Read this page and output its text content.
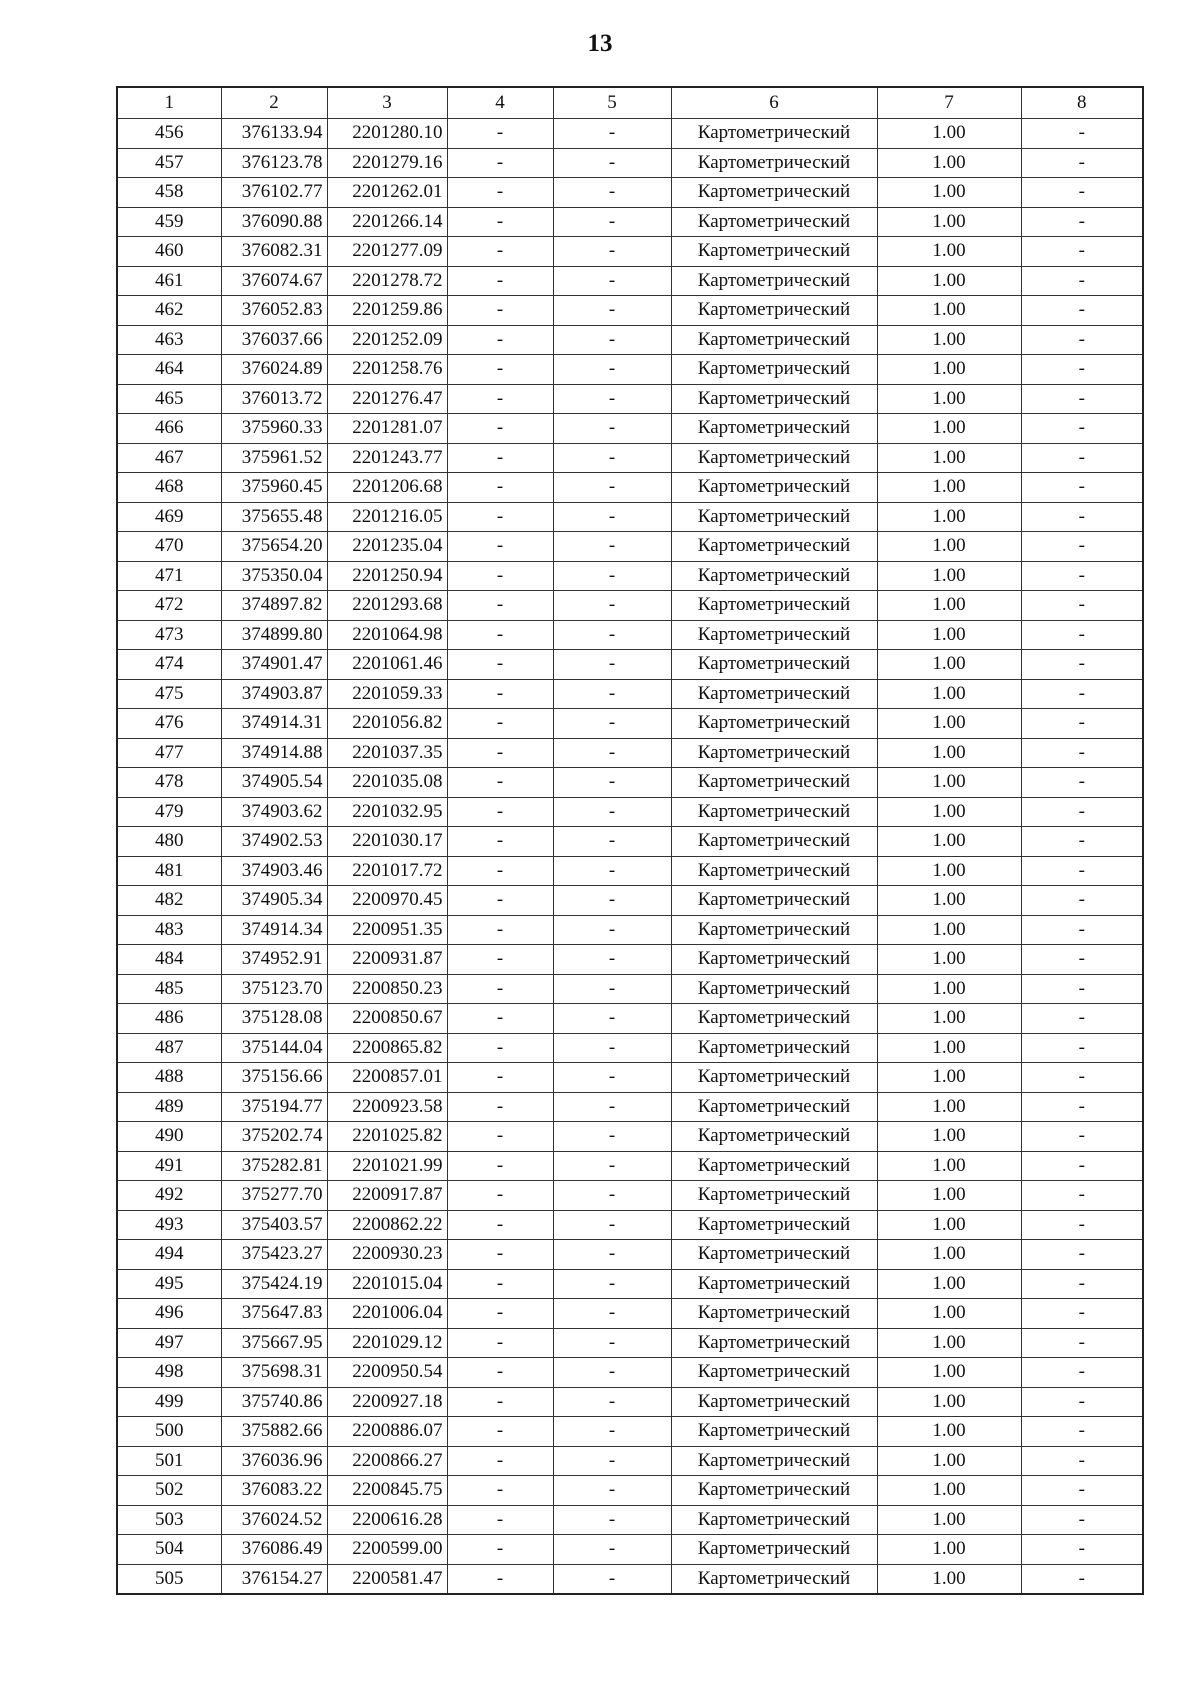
13
1	2	3	4	5	6	7	8
456	376133.94	2201280.10	-	-	Картометрический	1.00	-
457	376123.78	2201279.16	-	-	Картометрический	1.00	-
458	376102.77	2201262.01	-	-	Картометрический	1.00	-
459	376090.88	2201266.14	-	-	Картометрический	1.00	-
460	376082.31	2201277.09	-	-	Картометрический	1.00	-
461	376074.67	2201278.72	-	-	Картометрический	1.00	-
462	376052.83	2201259.86	-	-	Картометрический	1.00	-
463	376037.66	2201252.09	-	-	Картометрический	1.00	-
464	376024.89	2201258.76	-	-	Картометрический	1.00	-
465	376013.72	2201276.47	-	-	Картометрический	1.00	-
466	375960.33	2201281.07	-	-	Картометрический	1.00	-
467	375961.52	2201243.77	-	-	Картометрический	1.00	-
468	375960.45	2201206.68	-	-	Картометрический	1.00	-
469	375655.48	2201216.05	-	-	Картометрический	1.00	-
470	375654.20	2201235.04	-	-	Картометрический	1.00	-
471	375350.04	2201250.94	-	-	Картометрический	1.00	-
472	374897.82	2201293.68	-	-	Картометрический	1.00	-
473	374899.80	2201064.98	-	-	Картометрический	1.00	-
474	374901.47	2201061.46	-	-	Картометрический	1.00	-
475	374903.87	2201059.33	-	-	Картометрический	1.00	-
476	374914.31	2201056.82	-	-	Картометрический	1.00	-
477	374914.88	2201037.35	-	-	Картометрический	1.00	-
478	374905.54	2201035.08	-	-	Картометрический	1.00	-
479	374903.62	2201032.95	-	-	Картометрический	1.00	-
480	374902.53	2201030.17	-	-	Картометрический	1.00	-
481	374903.46	2201017.72	-	-	Картометрический	1.00	-
482	374905.34	2200970.45	-	-	Картометрический	1.00	-
483	374914.34	2200951.35	-	-	Картометрический	1.00	-
484	374952.91	2200931.87	-	-	Картометрический	1.00	-
485	375123.70	2200850.23	-	-	Картометрический	1.00	-
486	375128.08	2200850.67	-	-	Картометрический	1.00	-
487	375144.04	2200865.82	-	-	Картометрический	1.00	-
488	375156.66	2200857.01	-	-	Картометрический	1.00	-
489	375194.77	2200923.58	-	-	Картометрический	1.00	-
490	375202.74	2201025.82	-	-	Картометрический	1.00	-
491	375282.81	2201021.99	-	-	Картометрический	1.00	-
492	375277.70	2200917.87	-	-	Картометрический	1.00	-
493	375403.57	2200862.22	-	-	Картометрический	1.00	-
494	375423.27	2200930.23	-	-	Картометрический	1.00	-
495	375424.19	2201015.04	-	-	Картометрический	1.00	-
496	375647.83	2201006.04	-	-	Картометрический	1.00	-
497	375667.95	2201029.12	-	-	Картометрический	1.00	-
498	375698.31	2200950.54	-	-	Картометрический	1.00	-
499	375740.86	2200927.18	-	-	Картометрический	1.00	-
500	375882.66	2200886.07	-	-	Картометрический	1.00	-
501	376036.96	2200866.27	-	-	Картометрический	1.00	-
502	376083.22	2200845.75	-	-	Картометрический	1.00	-
503	376024.52	2200616.28	-	-	Картометрический	1.00	-
504	376086.49	2200599.00	-	-	Картометрический	1.00	-
505	376154.27	2200581.47	-	-	Картометрический	1.00	-
